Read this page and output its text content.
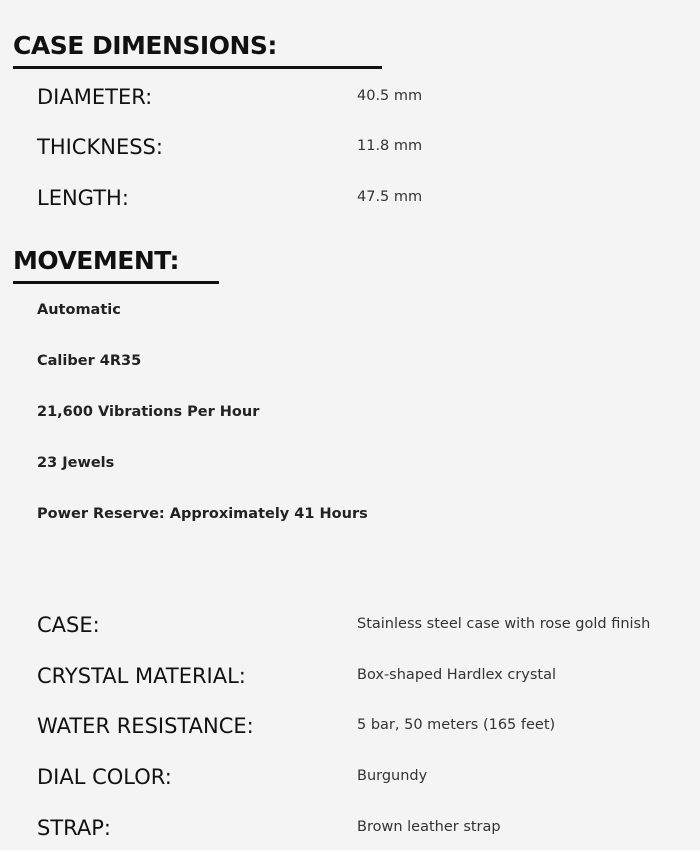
CASE DIMENSIONS:
DIAMETER:	40.5 mm
THICKNESS:	11.8 mm
LENGTH:	47.5 mm
MOVEMENT:
Automatic
Caliber 4R35
21,600 Vibrations Per Hour
23 Jewels
Power Reserve: Approximately 41 Hours
CASE:	Stainless steel case with rose gold finish
CRYSTAL MATERIAL:	Box-shaped Hardlex crystal
WATER RESISTANCE:	5 bar, 50 meters (165 feet)
DIAL COLOR:	Burgundy
STRAP:	Brown leather strap
